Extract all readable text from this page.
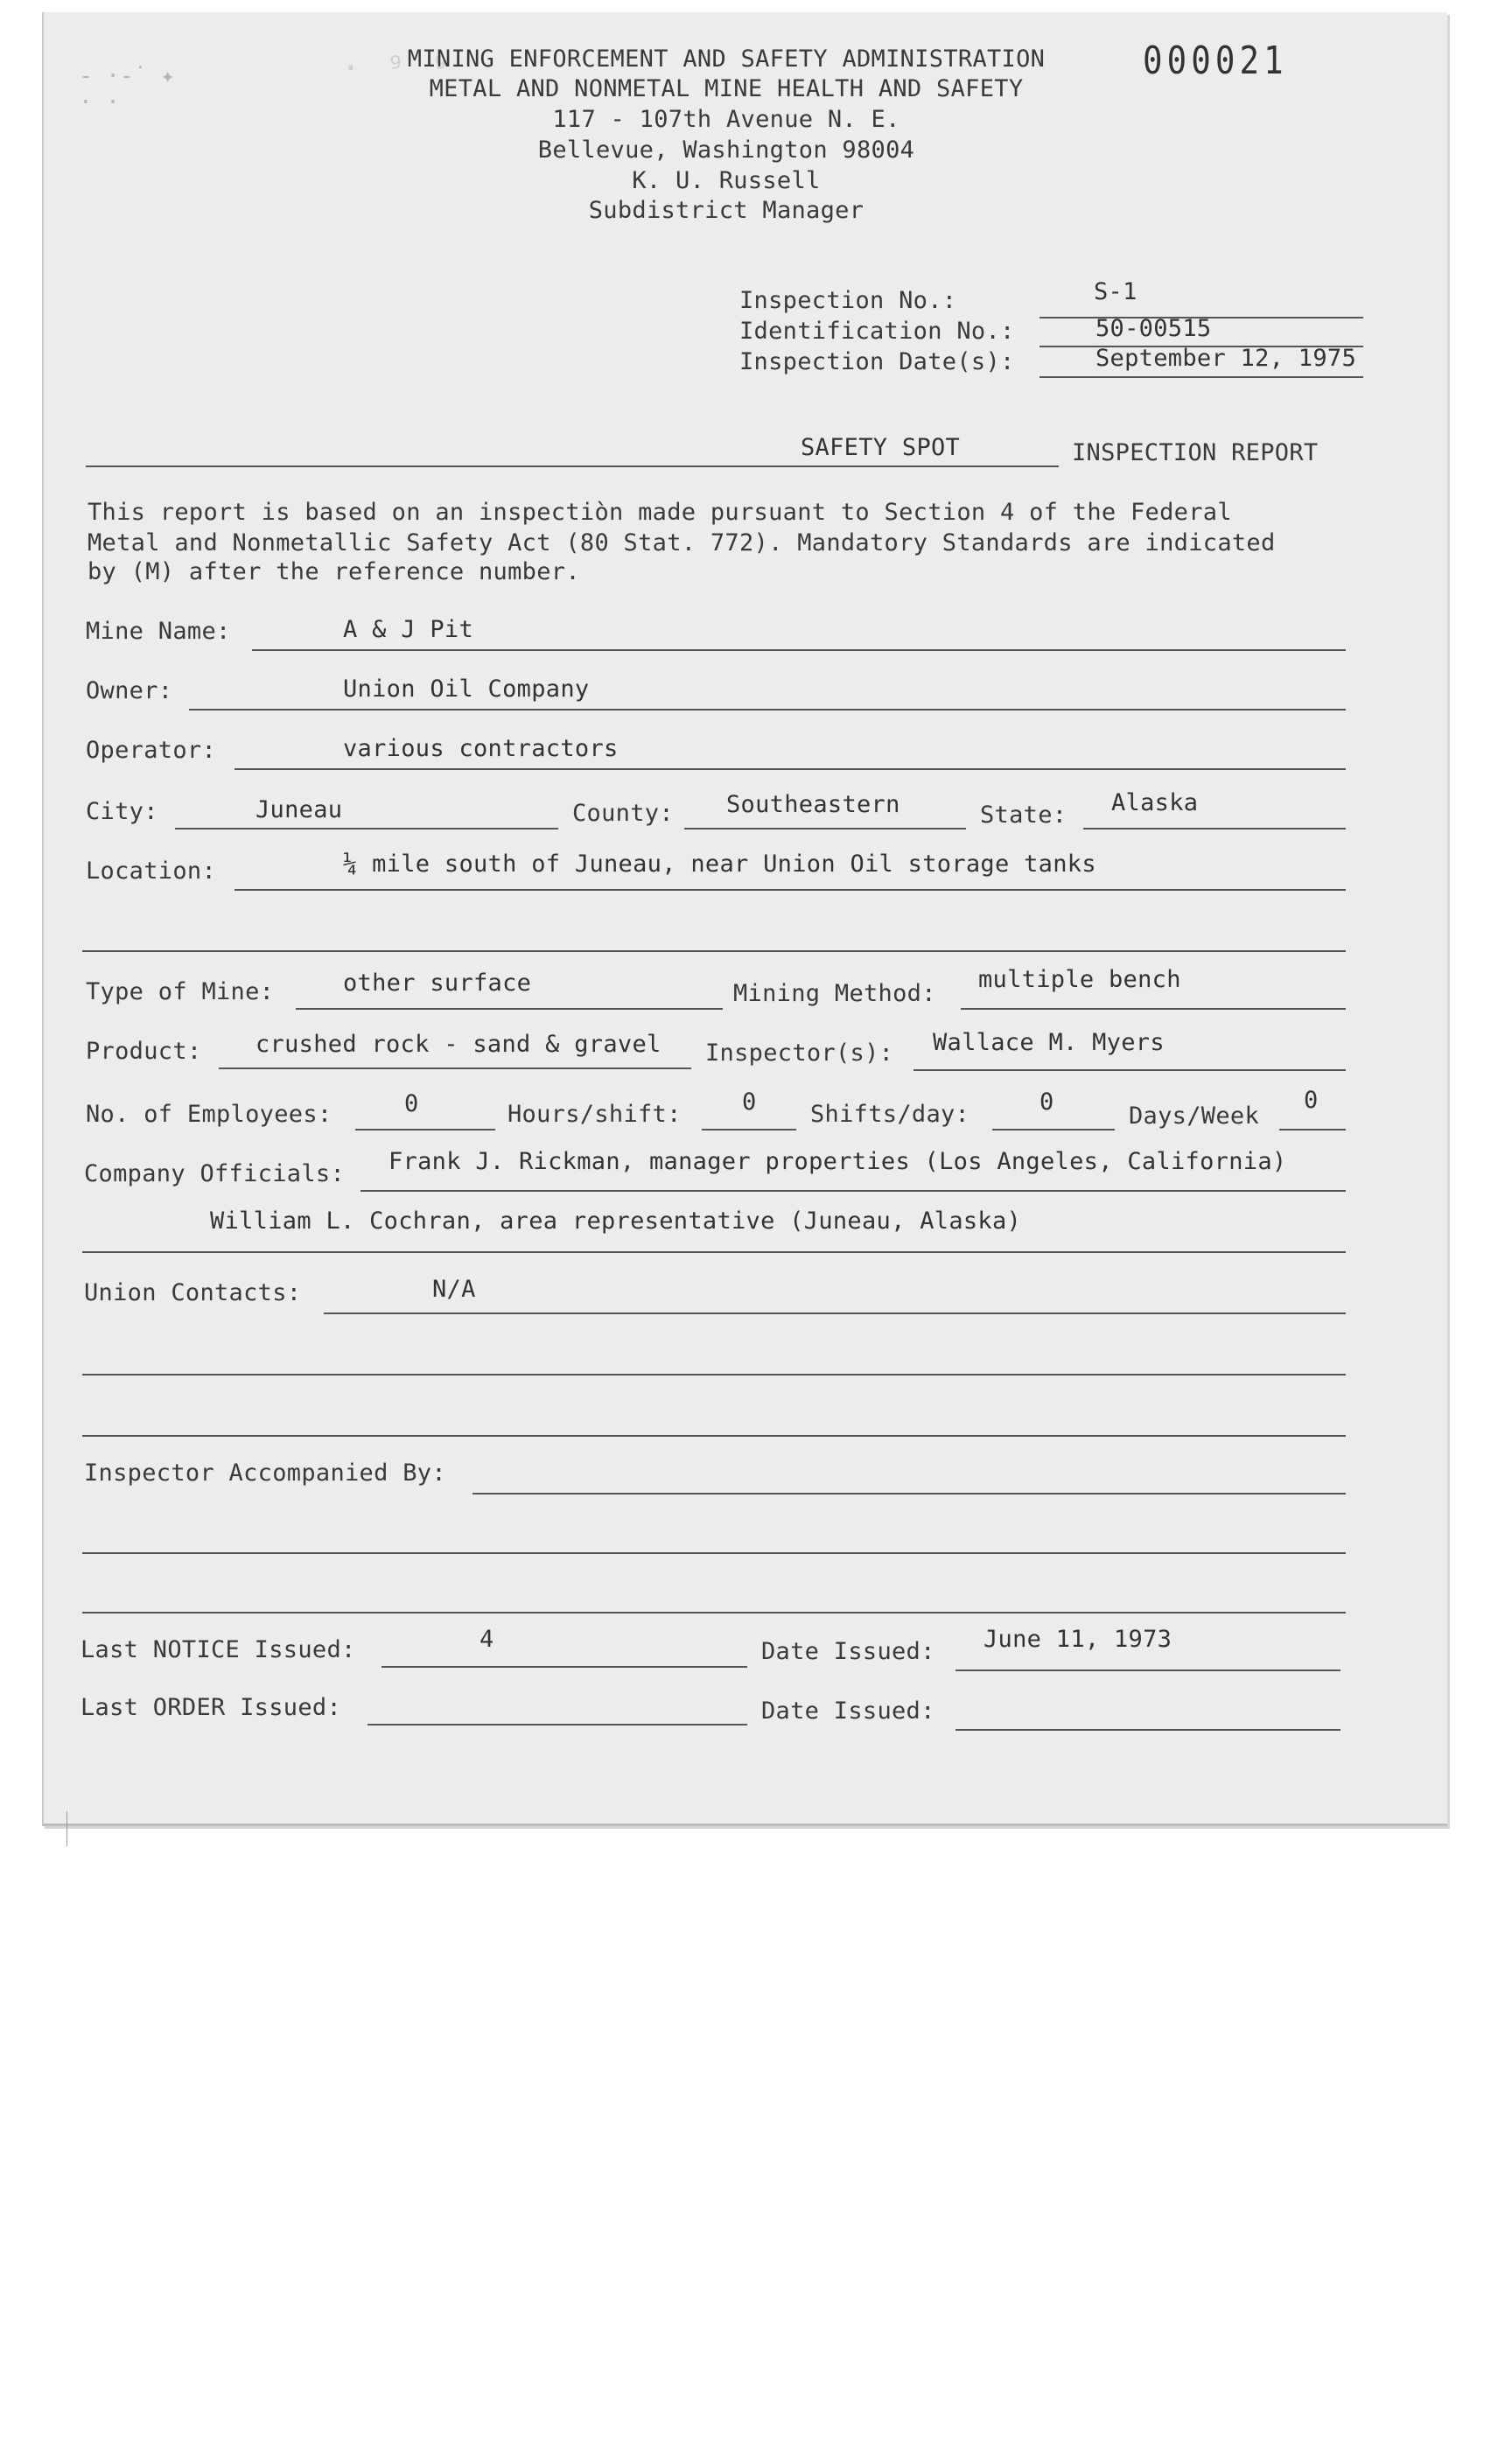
- ·-˙ ✦
· ·
· ⁹ ⁹
MINING ENFORCEMENT AND SAFETY ADMINISTRATION
METAL AND NONMETAL MINE HEALTH AND SAFETY
117 - 107th Avenue N. E.
Bellevue, Washington 98004
K. U. Russell
Subdistrict Manager
000021
Inspection No.:	S-1
Identification No.:	50-00515
Inspection Date(s):	September 12, 1975
SAFETY SPOT	INSPECTION REPORT
This report is based on an inspectiòn made pursuant to Section 4 of the Federal
Metal and Nonmetallic Safety Act (80 Stat. 772). Mandatory Standards are indicated
by (M) after the reference number.
Mine Name:	A & J Pit
Owner:	Union Oil Company
Operator:	various contractors
City:	Juneau	County: Southeastern	State: Alaska
Location:	¼ mile south of Juneau, near Union Oil storage tanks
Type of Mine:	other surface	Mining Method:
multiple bench
Product: crushed rock - sand & gravel Inspector(s): Wallace M. Myers
No. of Employees:	0	Hours/shift:	0 Shifts/day:	0
Days/Week
0
Company Officials: Frank J. Rickman, manager properties (Los Angeles, California)
William L. Cochran, area representative (Juneau, Alaska)
Union Contacts:	N/A
Inspector Accompanied By:
Last NOTICE Issued:	4	Date Issued: June 11, 1973
Last ORDER Issued:	Date Issued:
